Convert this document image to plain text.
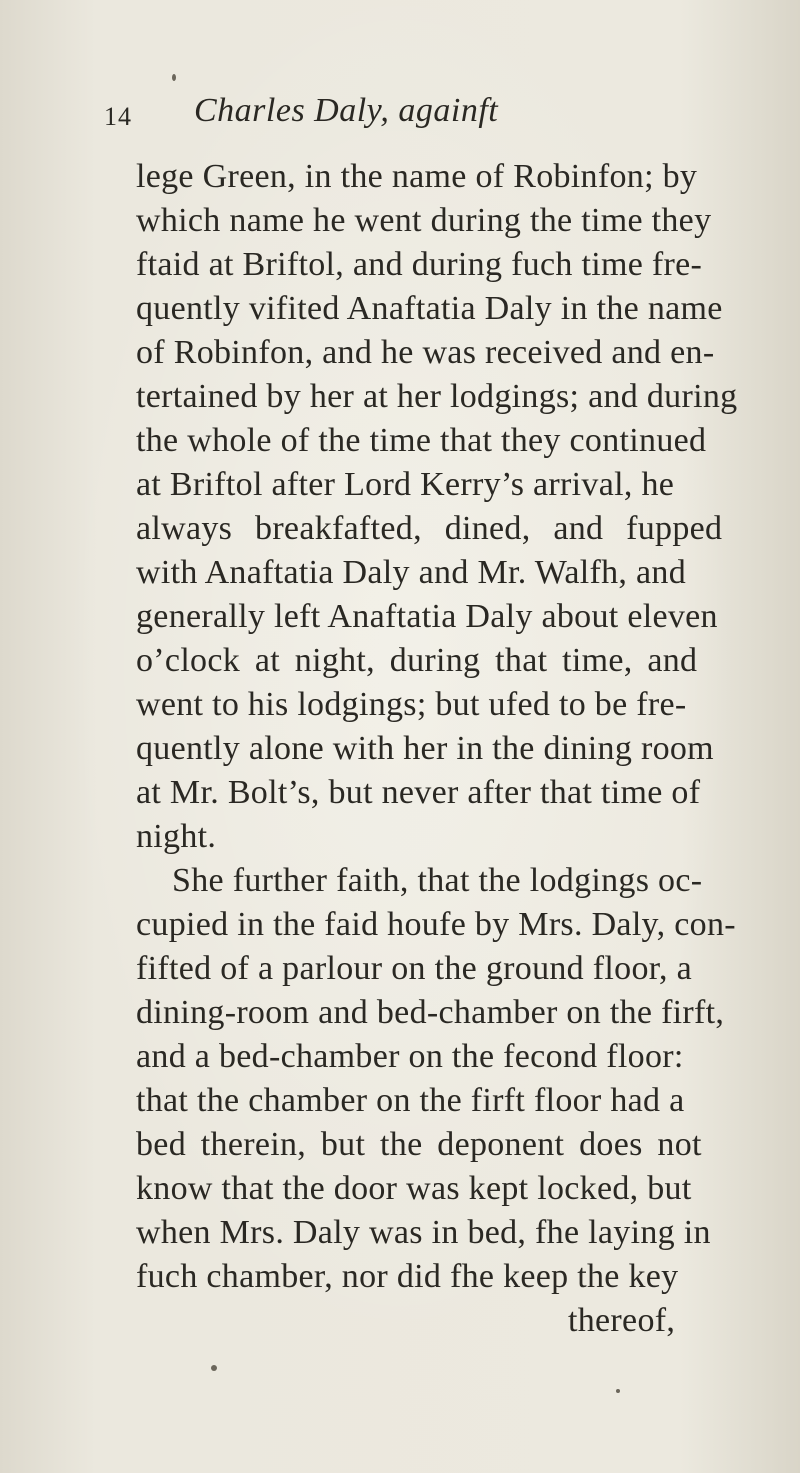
14 Charles Daly, againft
lege Green, in the name of Robinfon; by
which name he went during the time they
ftaid at Briftol, and during fuch time fre-
quently vifited Anaftatia Daly in the name
of Robinfon, and he was received and en-
tertained by her at her lodgings; and during
the whole of the time that they continued
at Briftol after Lord Kerry’s arrival, he
always breakfafted, dined, and fupped
with Anaftatia Daly and Mr. Walfh, and
generally left Anaftatia Daly about eleven
o’clock at night, during that time, and
went to his lodgings; but ufed to be fre-
quently alone with her in the dining room
at Mr. Bolt’s, but never after that time of
night.
She further faith, that the lodgings oc-
cupied in the faid houfe by Mrs. Daly, con-
fifted of a parlour on the ground floor, a
dining-room and bed-chamber on the firft,
and a bed-chamber on the fecond floor:
that the chamber on the firft floor had a
bed therein, but the deponent does not
know that the door was kept locked, but
when Mrs. Daly was in bed, fhe laying in
fuch chamber, nor did fhe keep the key
thereof,
